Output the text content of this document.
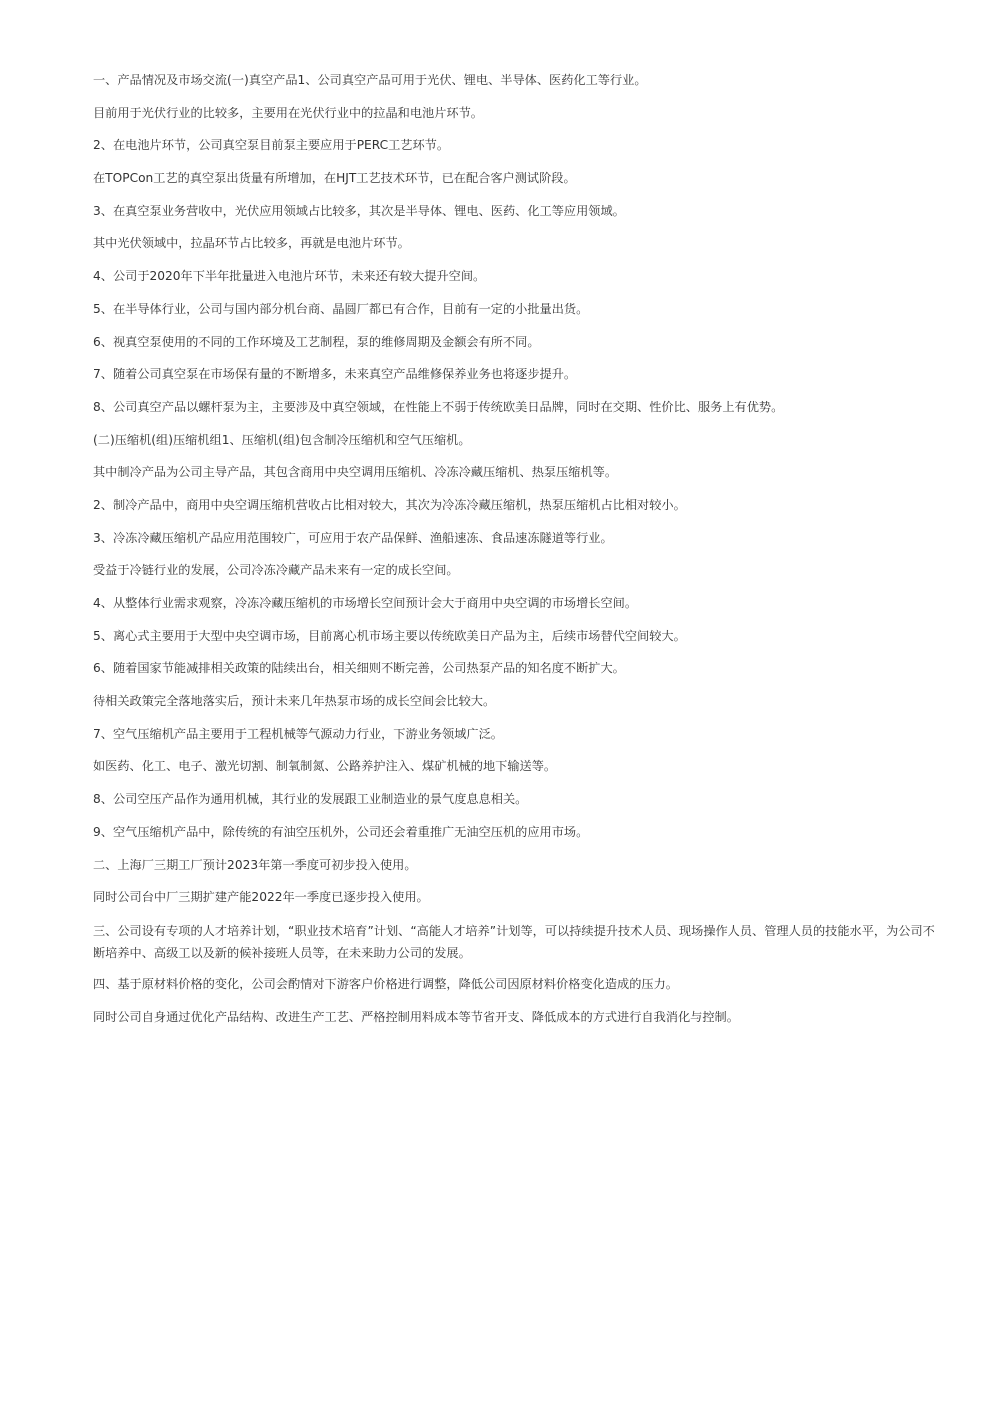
一、产品情况及市场交流(一)真空产品1、公司真空产品可用于光伏、锂电、半导体、医药化工等行业。

目前用于光伏行业的比较多，主要用在光伏行业中的拉晶和电池片环节。

2、在电池片环节，公司真空泵目前泵主要应用于PERC工艺环节。

在TOPCon工艺的真空泵出货量有所增加，在HJT工艺技术环节，已在配合客户测试阶段。

3、在真空泵业务营收中，光伏应用领域占比较多，其次是半导体、锂电、医药、化工等应用领域。

其中光伏领域中，拉晶环节占比较多，再就是电池片环节。

4、公司于2020年下半年批量进入电池片环节，未来还有较大提升空间。

5、在半导体行业，公司与国内部分机台商、晶圆厂都已有合作，目前有一定的小批量出货。

6、视真空泵使用的不同的工作环境及工艺制程，泵的维修周期及金额会有所不同。

7、随着公司真空泵在市场保有量的不断增多，未来真空产品维修保养业务也将逐步提升。

8、公司真空产品以螺杆泵为主，主要涉及中真空领域，在性能上不弱于传统欧美日品牌，同时在交期、性价比、服务上有优势。

(二)压缩机(组)压缩机组1、压缩机(组)包含制冷压缩机和空气压缩机。

其中制冷产品为公司主导产品，其包含商用中央空调用压缩机、冷冻冷藏压缩机、热泵压缩机等。

2、制冷产品中，商用中央空调压缩机营收占比相对较大，其次为冷冻冷藏压缩机，热泵压缩机占比相对较小。

3、冷冻冷藏压缩机产品应用范围较广，可应用于农产品保鲜、渔船速冻、食品速冻隧道等行业。

受益于冷链行业的发展，公司冷冻冷藏产品未来有一定的成长空间。

4、从整体行业需求观察，冷冻冷藏压缩机的市场增长空间预计会大于商用中央空调的市场增长空间。

5、离心式主要用于大型中央空调市场，目前离心机市场主要以传统欧美日产品为主，后续市场替代空间较大。

6、随着国家节能减排相关政策的陆续出台，相关细则不断完善，公司热泵产品的知名度不断扩大。

待相关政策完全落地落实后，预计未来几年热泵市场的成长空间会比较大。

7、空气压缩机产品主要用于工程机械等气源动力行业，下游业务领域广泛。

如医药、化工、电子、激光切割、制氧制氮、公路养护注入、煤矿机械的地下输送等。

8、公司空压产品作为通用机械，其行业的发展跟工业制造业的景气度息息相关。

9、空气压缩机产品中，除传统的有油空压机外，公司还会着重推广无油空压机的应用市场。

二、上海厂三期工厂预计2023年第一季度可初步投入使用。

同时公司台中厂三期扩建产能2022年一季度已逐步投入使用。

三、公司设有专项的人才培养计划，“职业技术培育”计划、“高能人才培养”计划等，可以持续提升技术人员、现场操作人员、管理人员的技能水平，为公司不断培养中、高级工以及新的候补接班人员等，在未来助力公司的发展。

四、基于原材料价格的变化，公司会酌情对下游客户价格进行调整，降低公司因原材料价格变化造成的压力。

同时公司自身通过优化产品结构、改进生产工艺、严格控制用料成本等节省开支、降低成本的方式进行自我消化与控制。
